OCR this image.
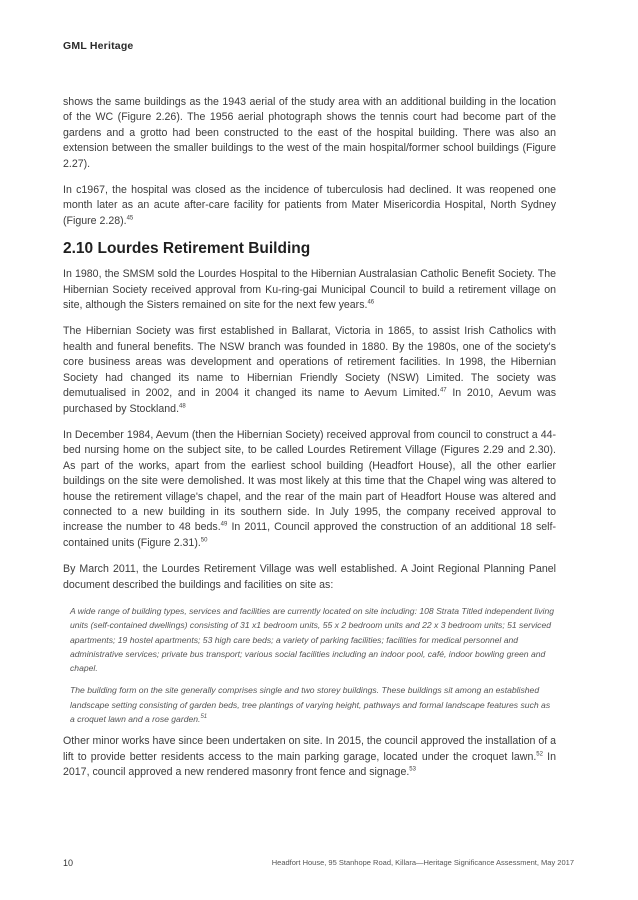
GML Heritage

shows the same buildings as the 1943 aerial of the study area with an additional building in the location of the WC (Figure 2.26). The 1956 aerial photograph shows the tennis court had become part of the gardens and a grotto had been constructed to the east of the hospital building. There was also an extension between the smaller buildings to the west of the main hospital/former school buildings (Figure 2.27).

In c1967, the hospital was closed as the incidence of tuberculosis had declined. It was reopened one month later as an acute after-care facility for patients from Mater Misericordia Hospital, North Sydney (Figure 2.28).$^{45}$

2.10 Lourdes Retirement Building

In 1980, the SMSM sold the Lourdes Hospital to the Hibernian Australasian Catholic Benefit Society. The Hibernian Society received approval from Ku-ring-gai Municipal Council to build a retirement village on site, although the Sisters remained on site for the next few years.$^{46}$

The Hibernian Society was first established in Ballarat, Victoria in 1865, to assist Irish Catholics with health and funeral benefits. The NSW branch was founded in 1880. By the 1980s, one of the society's core business areas was development and operations of retirement facilities. In 1998, the Hibernian Society had changed its name to Hibernian Friendly Society (NSW) Limited. The society was demutualised in 2002, and in 2004 it changed its name to Aevum Limited.$^{47}$ In 2010, Aevum was purchased by Stockland.$^{48}$

In December 1984, Aevum (then the Hibernian Society) received approval from council to construct a 44-bed nursing home on the subject site, to be called Lourdes Retirement Village (Figures 2.29 and 2.30). As part of the works, apart from the earliest school building (Headfort House), all the other earlier buildings on the site were demolished. It was most likely at this time that the Chapel wing was altered to house the retirement village's chapel, and the rear of the main part of Headfort House was altered and connected to a new building in its southern side. In July 1995, the company received approval to increase the number to 48 beds.$^{49}$ In 2011, Council approved the construction of an additional 18 self-contained units (Figure 2.31).$^{50}$

By March 2011, the Lourdes Retirement Village was well established. A Joint Regional Planning Panel document described the buildings and facilities on site as:

A wide range of building types, services and facilities are currently located on site including: 108 Strata Titled independent living units (self-contained dwellings) consisting of 31 x1 bedroom units, 55 x 2 bedroom units and 22 x 3 bedroom units; 51 serviced apartments; 19 hostel apartments; 53 high care beds; a variety of parking facilities; facilities for medical personnel and administrative services; private bus transport; various social facilities including an indoor pool, café, indoor bowling green and chapel.

The building form on the site generally comprises single and two storey buildings. These buildings sit among an established landscape setting consisting of garden beds, tree plantings of varying height, pathways and formal landscape features such as a croquet lawn and a rose garden.$^{51}$

Other minor works have since been undertaken on site. In 2015, the council approved the installation of a lift to provide better residents access to the main parking garage, located under the croquet lawn.$^{52}$ In 2017, council approved a new rendered masonry front fence and signage.$^{53}$

10	Headfort House, 95 Stanhope Road, Killara—Heritage Significance Assessment, May 2017
